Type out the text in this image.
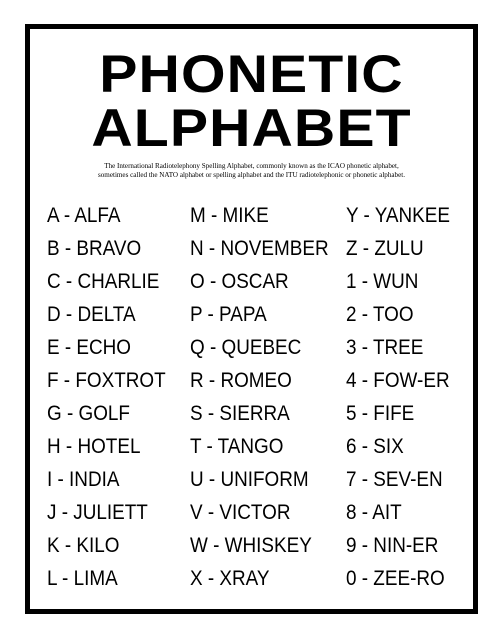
PHONETIC
ALPHABET
The International Radiotelephony Spelling Alphabet, commonly known as the ICAO phonetic alphabet,
sometimes called the NATO alphabet or spelling alphabet and the ITU radiotelephonic or phonetic alphabet.
A - ALFA
B - BRAVO
C - CHARLIE
D - DELTA
E - ECHO
F - FOXTROT
G - GOLF
H - HOTEL
I - INDIA
J - JULIETT
K - KILO
L - LIMA
M - MIKE
N - NOVEMBER
O - OSCAR
P - PAPA
Q - QUEBEC
R - ROMEO
S - SIERRA
T - TANGO
U - UNIFORM
V - VICTOR
W - WHISKEY
X - XRAY
Y - YANKEE
Z - ZULU
1 - WUN
2 - TOO
3 - TREE
4 - FOW-ER
5 - FIFE
6 - SIX
7 - SEV-EN
8 - AIT
9 - NIN-ER
0 - ZEE-RO
